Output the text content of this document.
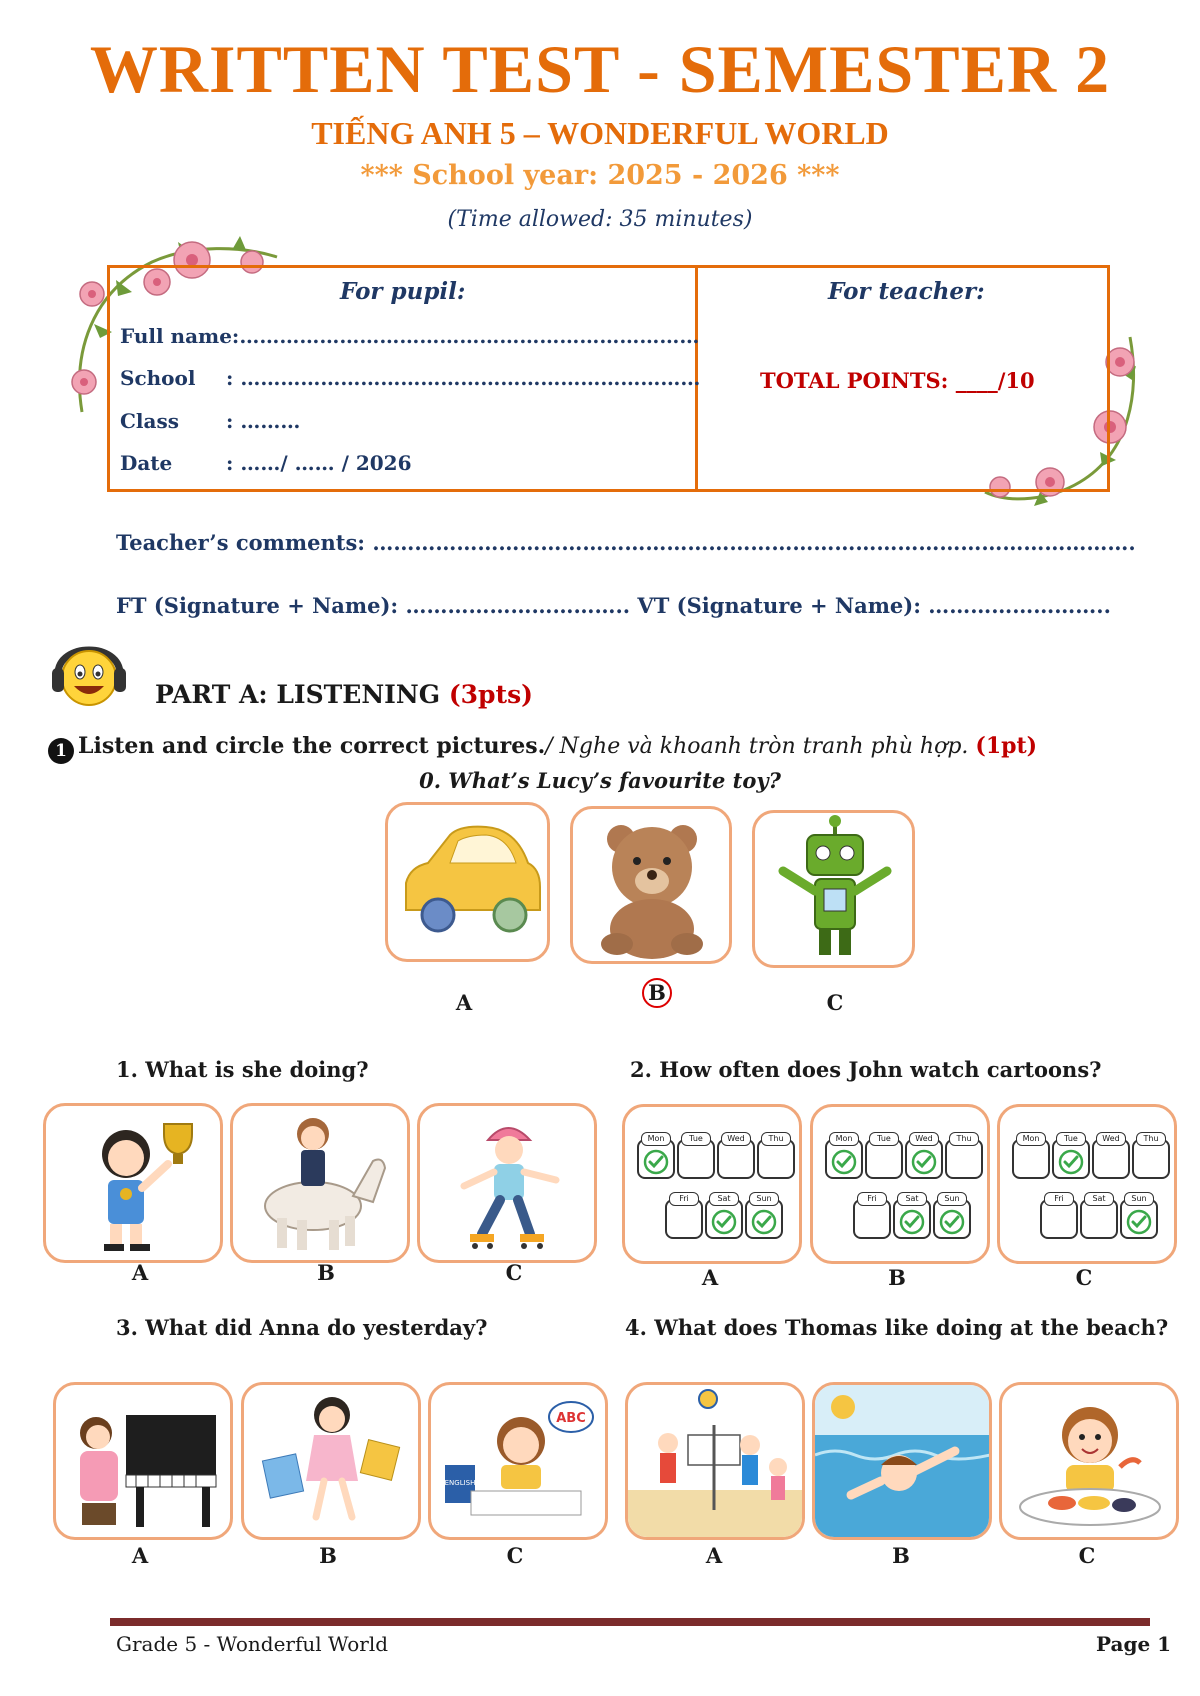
WRITTEN TEST - SEMESTER 2
TIẾNG ANH 5 – WONDERFUL WORLD
*** School year: 2025 - 2026 ***
(Time allowed: 35 minutes)
For pupil:	For teacher:
Full name:……………………………………………………………
School : ……………………………………………………………
Class : ………
Date	: ……/ …… / 2026
TOTAL POINTS: ____/10
Teacher’s comments: ……………………………………………………………………………………………….
FT (Signature + Name): ………………………….. VT (Signature + Name): ……………………..
PART A: LISTENING (3pts)
1 Listen and circle the correct pictures./ Nghe và khoanh tròn tranh phù hợp. (1pt)
0. What’s Lucy’s favourite toy?
A	B	C
1. What is she doing?	2. How often does John watch cartoons?
A	B	C
Mon	Tue	Wed	Thu
Fri	Sat	Sun
Mon	Tue	Wed	Thu
Fri	Sat	Sun
Mon	Tue	Wed	Thu
Fri	Sat	Sun
A	B	C
3. What did Anna do yesterday?	4. What does Thomas like doing at the beach?
ENGLISH
ABC
A	B	C	A	B	C
Grade 5 - Wonderful World	Page 1
